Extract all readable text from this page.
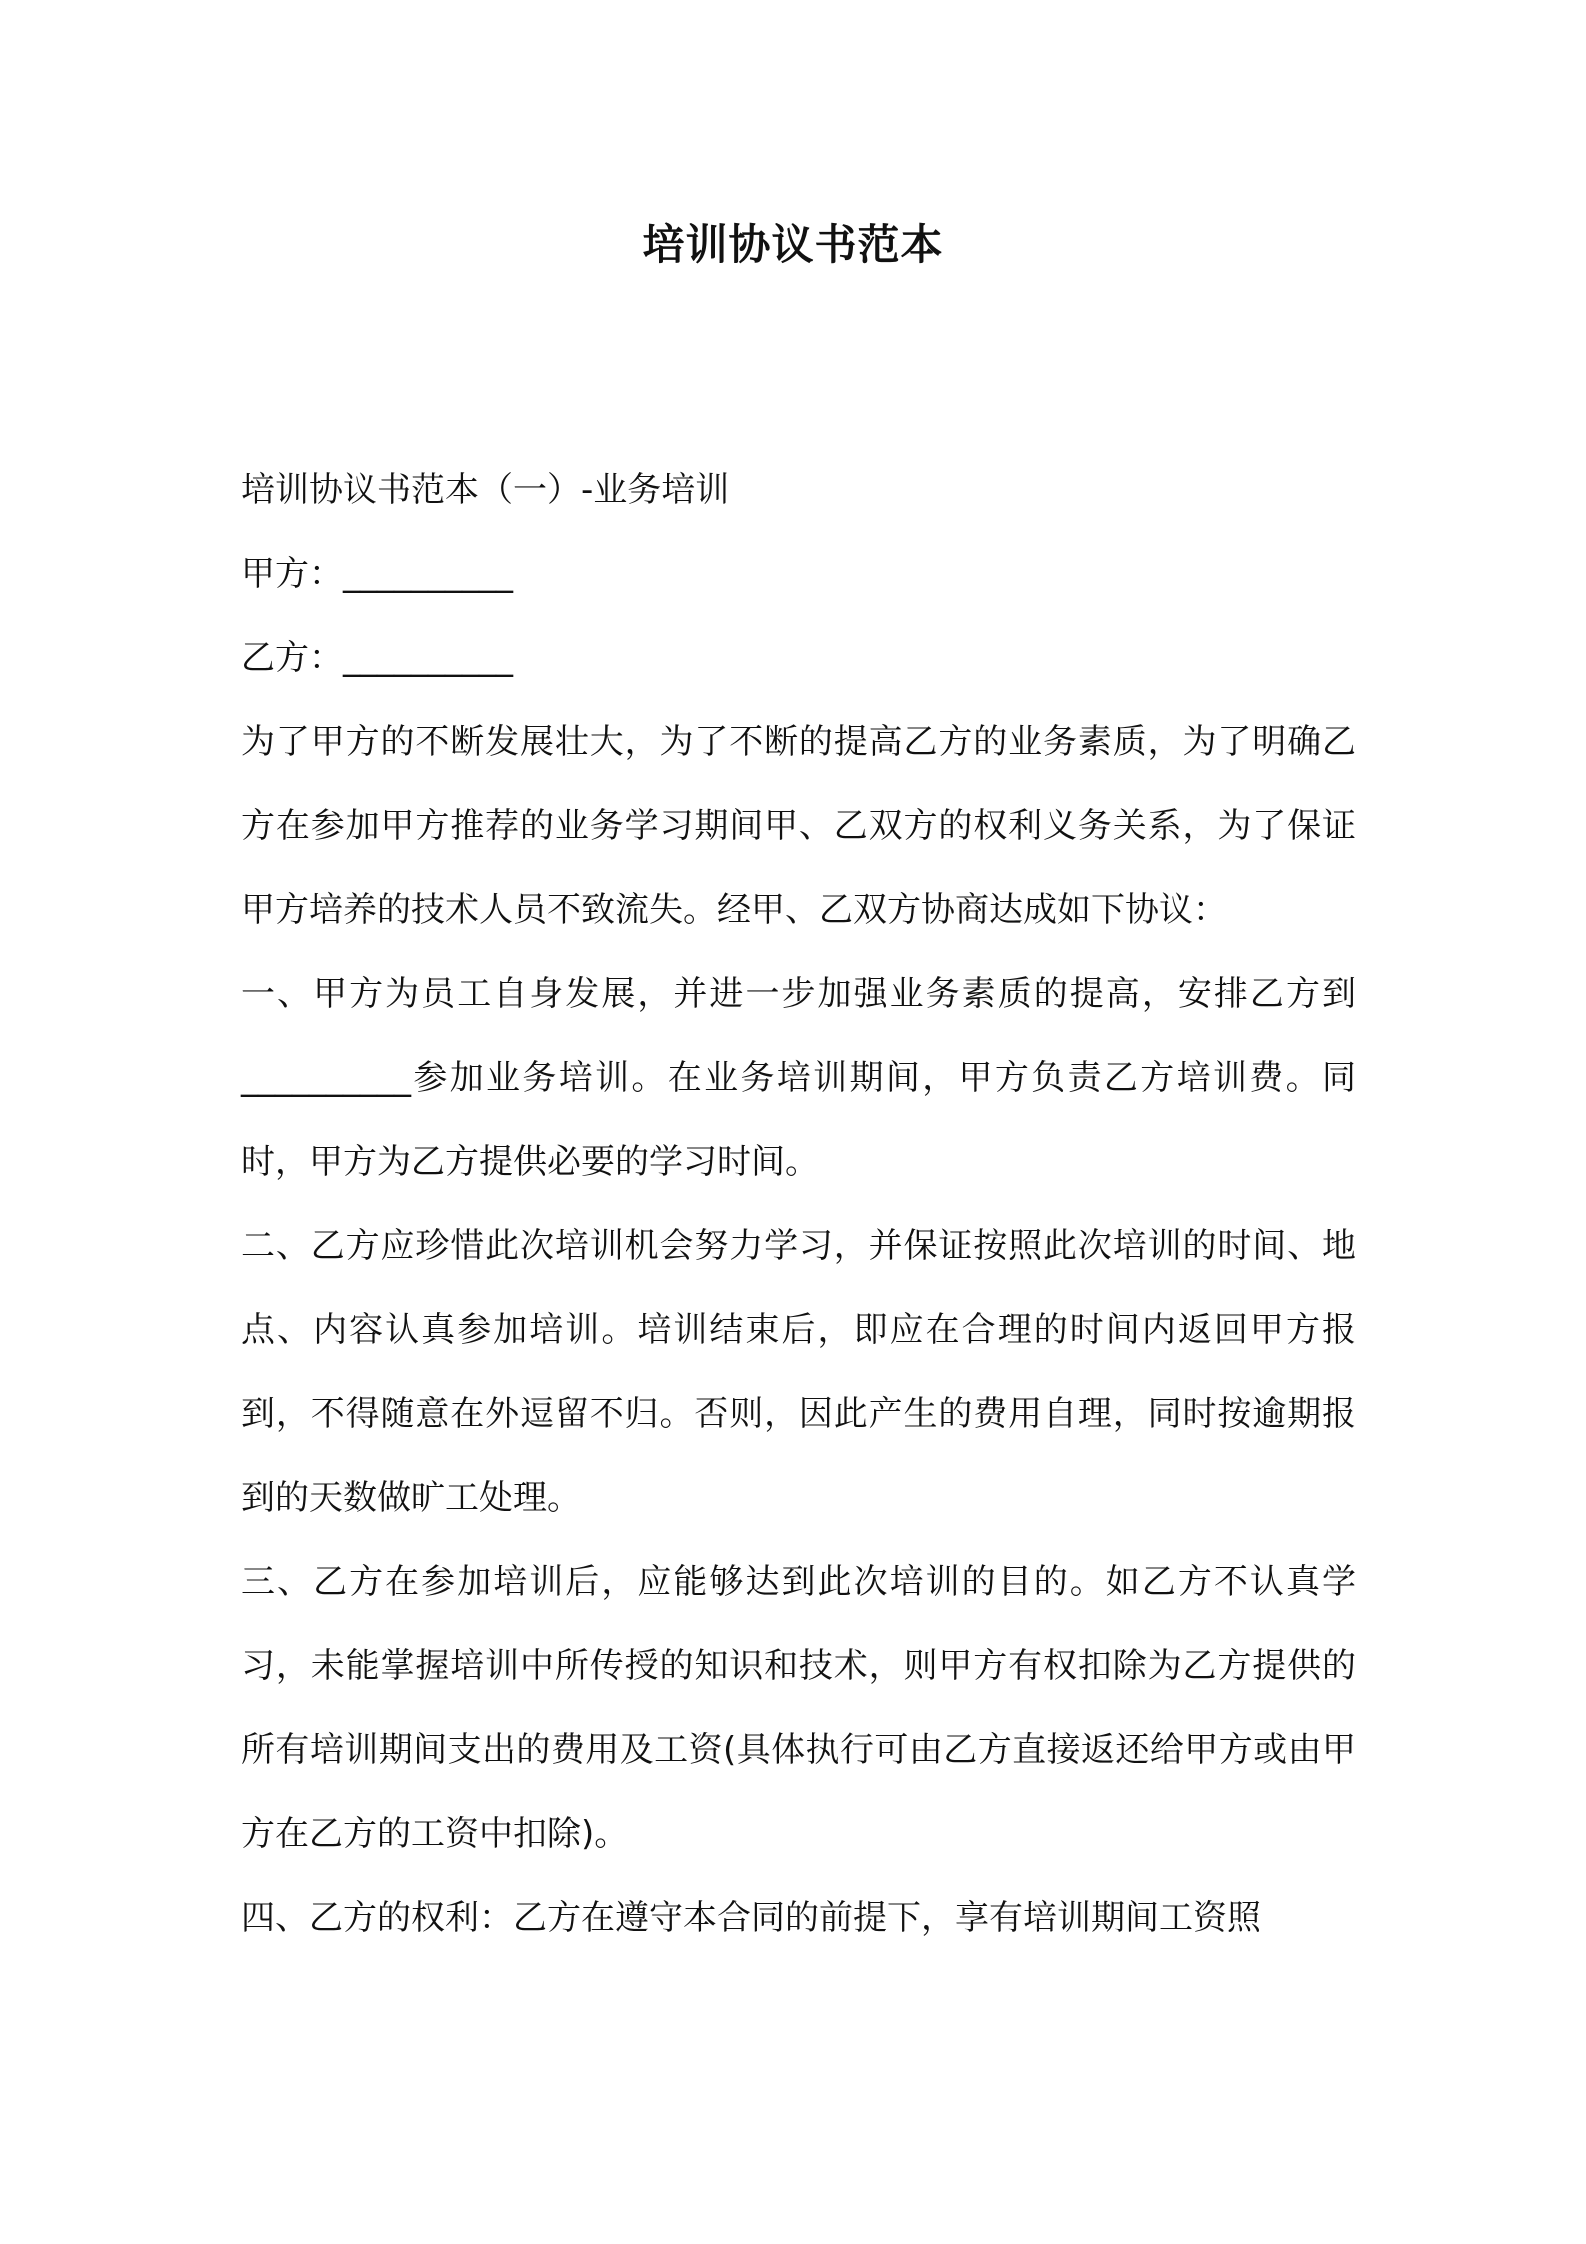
培训协议书范本

培训协议书范本（一）-业务培训

甲方：__________

乙方：__________

为了甲方的不断发展壮大，为了不断的提高乙方的业务素质，为了明确乙方在参加甲方推荐的业务学习期间甲、乙双方的权利义务关系，为了保证甲方培养的技术人员不致流失。经甲、乙双方协商达成如下协议：

一、甲方为员工自身发展，并进一步加强业务素质的提高，安排乙方到__________参加业务培训。在业务培训期间，甲方负责乙方培训费。同时，甲方为乙方提供必要的学习时间。

二、乙方应珍惜此次培训机会努力学习，并保证按照此次培训的时间、地点、内容认真参加培训。培训结束后，即应在合理的时间内返回甲方报到，不得随意在外逗留不归。否则，因此产生的费用自理，同时按逾期报到的天数做旷工处理。

三、乙方在参加培训后，应能够达到此次培训的目的。如乙方不认真学习，未能掌握培训中所传授的知识和技术，则甲方有权扣除为乙方提供的所有培训期间支出的费用及工资(具体执行可由乙方直接返还给甲方或由甲方在乙方的工资中扣除)。

四、乙方的权利：乙方在遵守本合同的前提下，享有培训期间工资照
